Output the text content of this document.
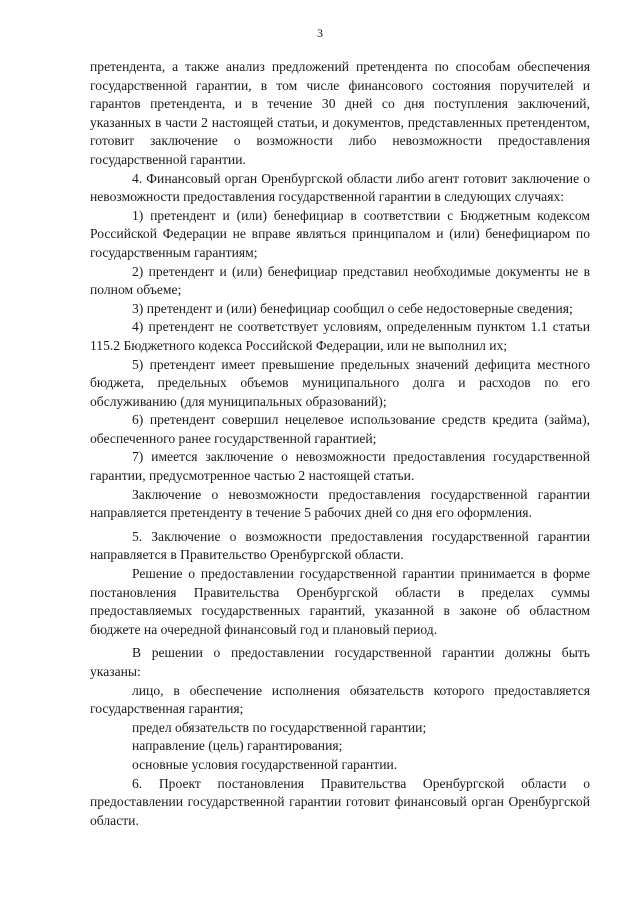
3

претендента, а также анализ предложений претендента по способам обеспечения государственной гарантии, в том числе финансового состояния поручителей и гарантов претендента, и в течение 30 дней со дня поступления заключений, указанных в части 2 настоящей статьи, и документов, представленных претендентом, готовит заключение о возможности либо невозможности предоставления государственной гарантии.

4. Финансовый орган Оренбургской области либо агент готовит заключение о невозможности предоставления государственной гарантии в следующих случаях:

1) претендент и (или) бенефициар в соответствии с Бюджетным кодексом Российской Федерации не вправе являться принципалом и (или) бенефициаром по государственным гарантиям;

2) претендент и (или) бенефициар представил необходимые документы не в полном объеме;

3) претендент и (или) бенефициар сообщил о себе недостоверные сведения;

4) претендент не соответствует условиям, определенным пунктом 1.1 статьи 115.2 Бюджетного кодекса Российской Федерации, или не выполнил их;

5) претендент имеет превышение предельных значений дефицита местного бюджета, предельных объемов муниципального долга и расходов по его обслуживанию (для муниципальных образований);

6) претендент совершил нецелевое использование средств кредита (займа), обеспеченного ранее государственной гарантией;

7) имеется заключение о невозможности предоставления государственной гарантии, предусмотренное частью 2 настоящей статьи.

Заключение о невозможности предоставления государственной гарантии направляется претенденту в течение 5 рабочих дней со дня его оформления.

5. Заключение о возможности предоставления государственной гарантии направляется в Правительство Оренбургской области.

Решение о предоставлении государственной гарантии принимается в форме постановления Правительства Оренбургской области в пределах суммы предоставляемых государственных гарантий, указанной в законе об областном бюджете на очередной финансовый год и плановый период.

В решении о предоставлении государственной гарантии должны быть указаны:

лицо, в обеспечение исполнения обязательств которого предоставляется государственная гарантия;

предел обязательств по государственной гарантии;

направление (цель) гарантирования;

основные условия государственной гарантии.

6. Проект постановления Правительства Оренбургской области о предоставлении государственной гарантии готовит финансовый орган Оренбургской области.
